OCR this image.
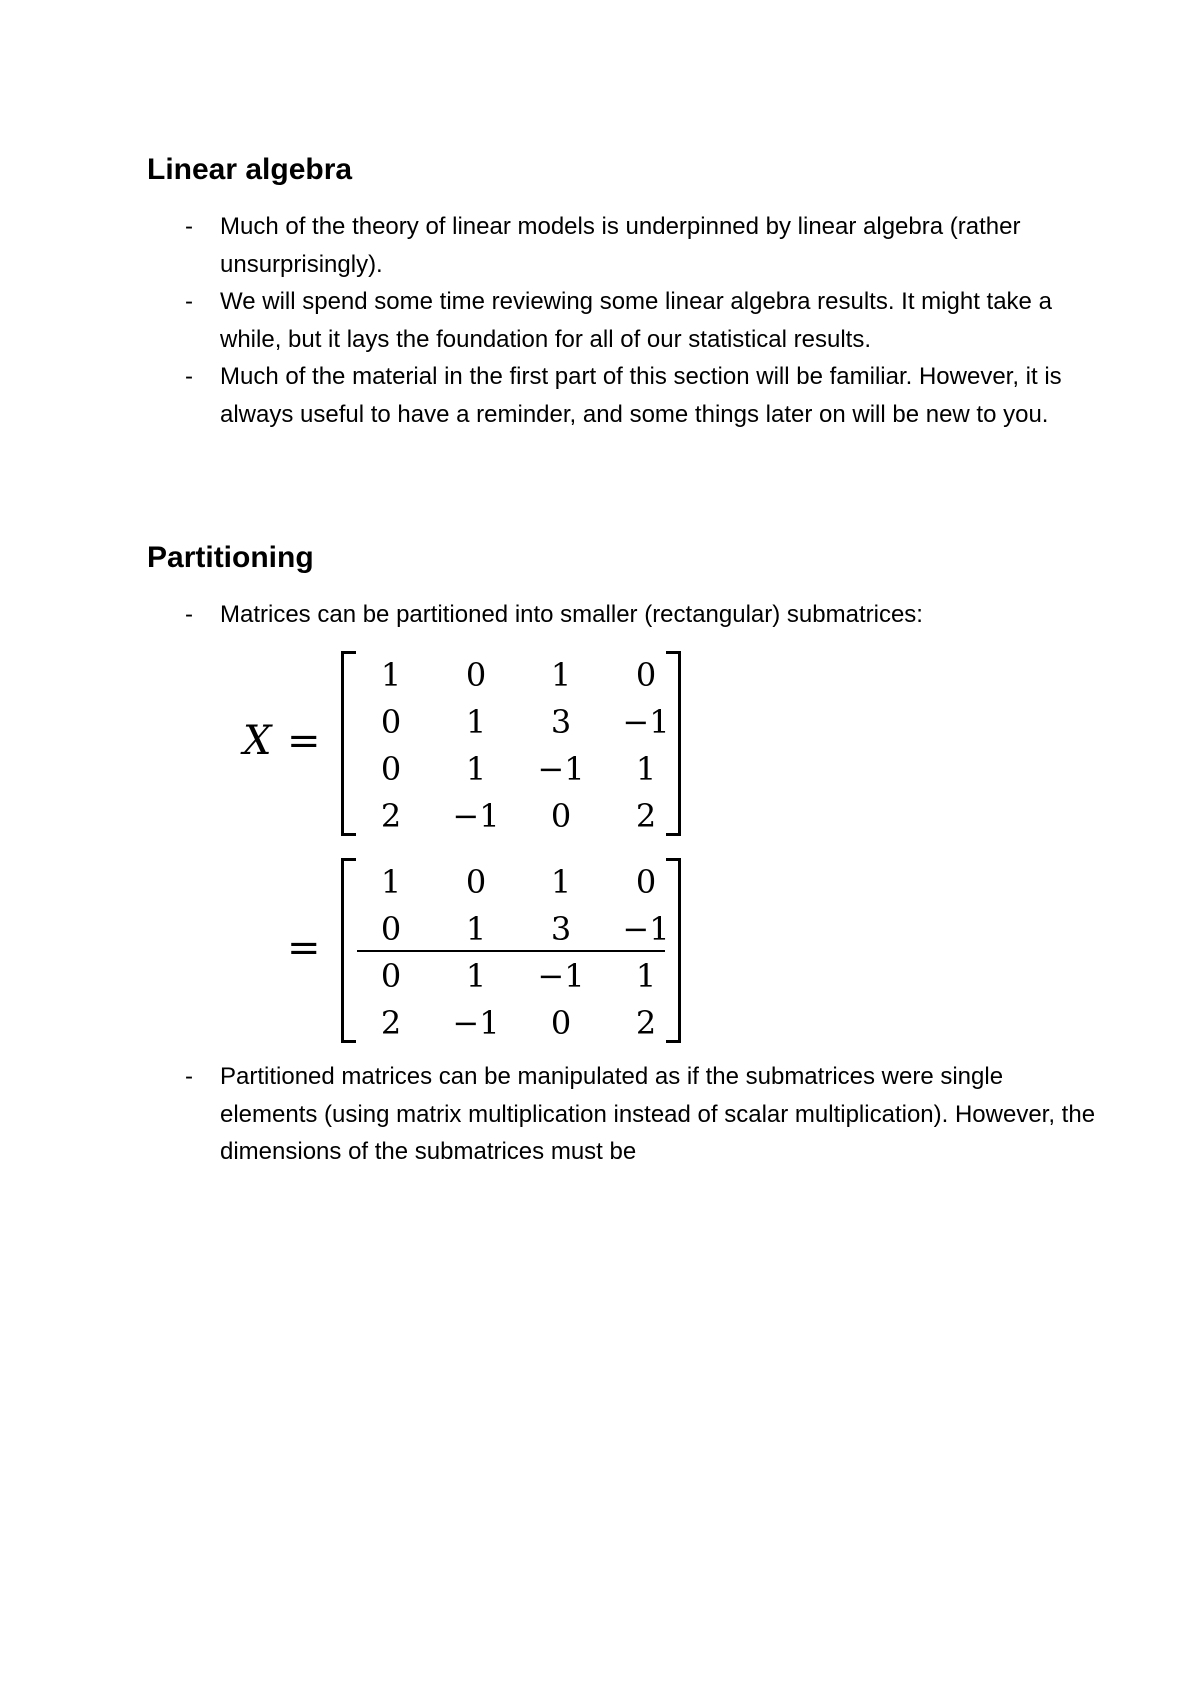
Linear algebra
- Much of the theory of linear models is underpinned by linear algebra (rather unsurprisingly).
- We will spend some time reviewing some linear algebra results. It might take a while, but it lays the foundation for all of our statistical results.
- Much of the material in the first part of this section will be familiar. However, it is always useful to have a reminder, and some things later on will be new to you.
Partitioning
- Matrices can be partitioned into smaller (rectangular) submatrices:
X =
1	0	1	0
0	1	3	−1
0	1	−1	1
2	−1	0	2
=
1	0	1	0
0	1	3	−1
0	1	−1	1
2	−1	0	2
- Partitioned matrices can be manipulated as if the submatrices were single elements (using matrix multiplication instead of scalar multiplication). However, the dimensions of the submatrices must be
